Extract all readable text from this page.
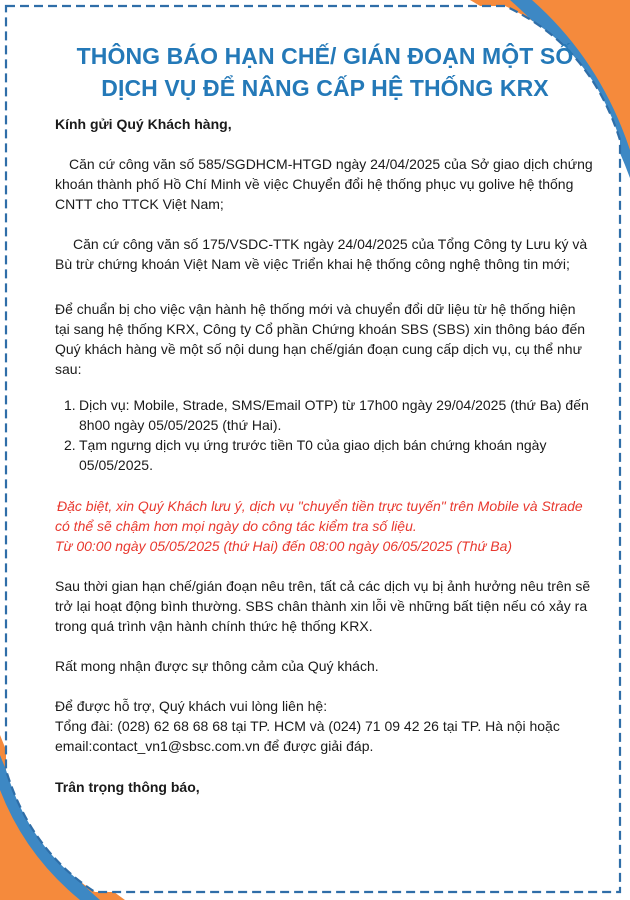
THÔNG BÁO HẠN CHẾ/ GIÁN ĐOẠN MỘT SỐ
DỊCH VỤ ĐỂ NÂNG CẤP HỆ THỐNG KRX

Kính gửi Quý Khách hàng,

Căn cứ công văn số 585/SGDHCM-HTGD ngày 24/04/2025 của Sở giao dịch chứng khoán thành phố Hồ Chí Minh về việc Chuyển đổi hệ thống phục vụ golive hệ thống CNTT cho TTCK Việt Nam;

Căn cứ công văn số 175/VSDC-TTK ngày 24/04/2025 của Tổng Công ty Lưu ký và Bù trừ chứng khoán Việt Nam về việc Triển khai hệ thống công nghệ thông tin mới;

Để chuẩn bị cho việc vận hành hệ thống mới và chuyển đổi dữ liệu từ hệ thống hiện tại sang hệ thống KRX, Công ty Cổ phần Chứng khoán SBS (SBS) xin thông báo đến Quý khách hàng về một số nội dung hạn chế/gián đoạn cung cấp dịch vụ, cụ thể như sau:

1. Dịch vụ: Mobile, Strade, SMS/Email OTP) từ 17h00 ngày 29/04/2025 (thứ Ba) đến 8h00 ngày 05/05/2025 (thứ Hai).
2. Tạm ngưng dịch vụ ứng trước tiền T0 của giao dịch bán chứng khoán ngày 05/05/2025.
Đặc biệt, xin Quý Khách lưu ý, dịch vụ "chuyển tiền trực tuyến" trên Mobile và Strade có thể sẽ chậm hơn mọi ngày do công tác kiểm tra số liệu.
Từ 00:00 ngày 05/05/2025 (thứ Hai) đến 08:00 ngày 06/05/2025 (Thứ Ba)

Sau thời gian hạn chế/gián đoạn nêu trên, tất cả các dịch vụ bị ảnh hưởng nêu trên sẽ trở lại hoạt động bình thường. SBS chân thành xin lỗi về những bất tiện nếu có xảy ra trong quá trình vận hành chính thức hệ thống KRX.

Rất mong nhận được sự thông cảm của Quý khách.

Để được hỗ trợ, Quý khách vui lòng liên hệ:

Tổng đài: (028) 62 68 68 68 tại TP. HCM và (024) 71 09 42 26 tại TP. Hà nội hoặc email:contact_vn1@sbsc.com.vn để được giải đáp.

Trân trọng thông báo,
